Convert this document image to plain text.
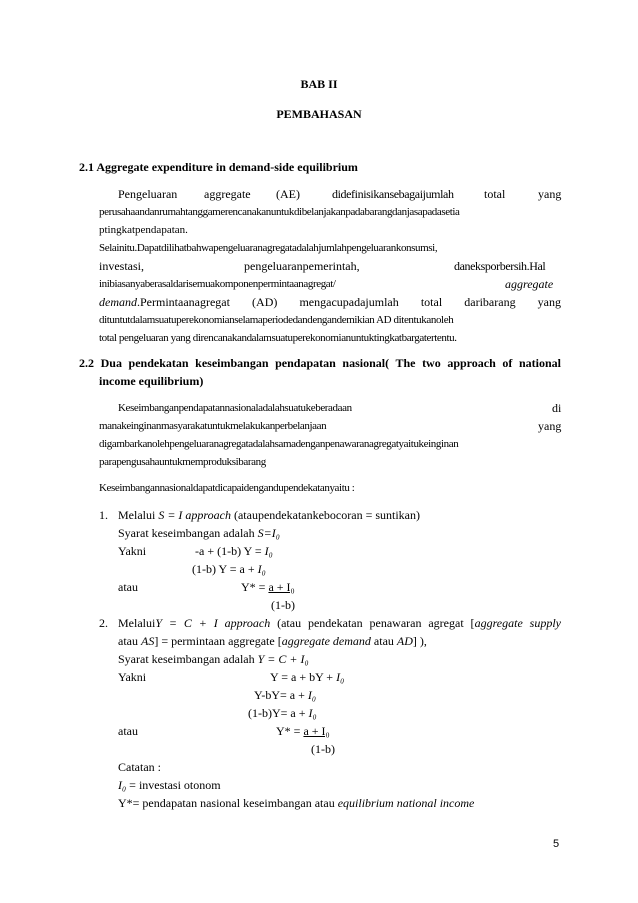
BAB II
PEMBAHASAN
2.1 Aggregate expenditure in demand-side equilibrium
Pengeluaran aggregate (AE)	didefinisikansebagaijumlah	total	yang
perusahaandanrumahtanggamerencanakanuntukdibelanjakanpadabarangdanjasapadasetia
ptingkatpendapatan.
Selainitu.Dapatdilihatbahwapengeluaranagregatadalahjumlahpengeluarankonsumsi,
investasi,	pengeluaranpemerintah,	daneksporbersih.Hal
inibiasanyaberasaldarisemuakomponenpermintaanagregat/	aggregate
demand.Permintaanagregat (AD) mengacupadajumlah total daribarang yang
dituntutdalamsuatuperekonomianselamaperiodedandengandemikian AD ditentukanoleh
total pengeluaran yang direncanakandalamsuatuperekonomianuntuktingkatbargatertentu.
2.2 Dua pendekatan keseimbangan pendapatan nasional( The two approach of national
income equilibrium)
Keseimbanganpendapatannasionaladalahsuatukeberadaan	di
manakeinginanmasyarakatuntukmelakukanperbelanjaan	yang
digambarkanolehpengeluaranagregatadalahsamadenganpenawaranagregatyaitukeinginan
parapengusahauntukmemproduksibarang
Keseimbangannasionaldapatdicapaidengandupendekatanyaitu :
1. Melalui S = I approach (ataupendekatankebocoran = suntikan)
Syarat keseimbangan adalah S=I₀
Yakni	-a + (1-b) Y = I₀
(1-b) Y = a + I₀
atau	Y* = a + I₀
(1-b)
2. MelaluiY = C + I approach (atau pendekatan penawaran agregat [aggregate supply
atau AS] = permintaan aggregate [aggregate demand atau AD] ),
Syarat keseimbangan adalah Y = C + I₀
Yakni	Y = a + bY + I₀
Y-bY= a + I₀
(1-b)Y= a + I₀
atau	Y* = a + I₀
(1-b)
Catatan :
I₀ = investasi otonom
Y*= pendapatan nasional keseimbangan atau equilibrium national income
5
